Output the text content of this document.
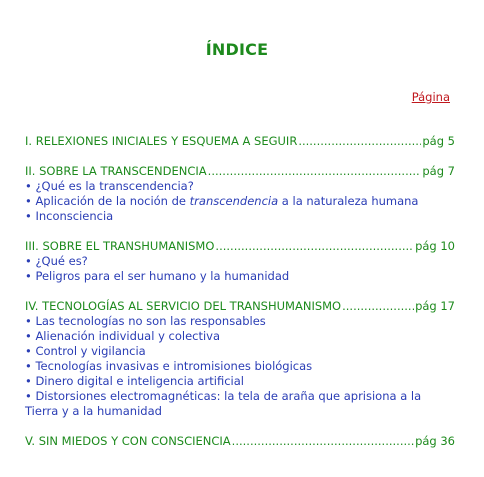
ÍNDICE
Página
I. RELEXIONES INICIALES Y ESQUEMA A SEGUIR .....	pág 5
II. SOBRE LA TRANSCENDENCIA .....	pág 7
• ¿Qué es la transcendencia?
• Aplicación de la noción de transcendencia a la naturaleza humana
• Inconsciencia
III. SOBRE EL TRANSHUMANISMO .....	pág 10
• ¿Qué es?
• Peligros para el ser humano y la humanidad
IV. TECNOLOGÍAS AL SERVICIO DEL TRANSHUMANISMO .....	pág 17
• Las tecnologías no son las responsables
• Alienación individual y colectiva
• Control y vigilancia
• Tecnologías invasivas e intromisiones biológicas
• Dinero digital e inteligencia artificial
• Distorsiones electromagnéticas: la tela de araña que aprisiona a la Tierra y a la humanidad
V. SIN MIEDOS Y CON CONSCIENCIA .....	pág 36
